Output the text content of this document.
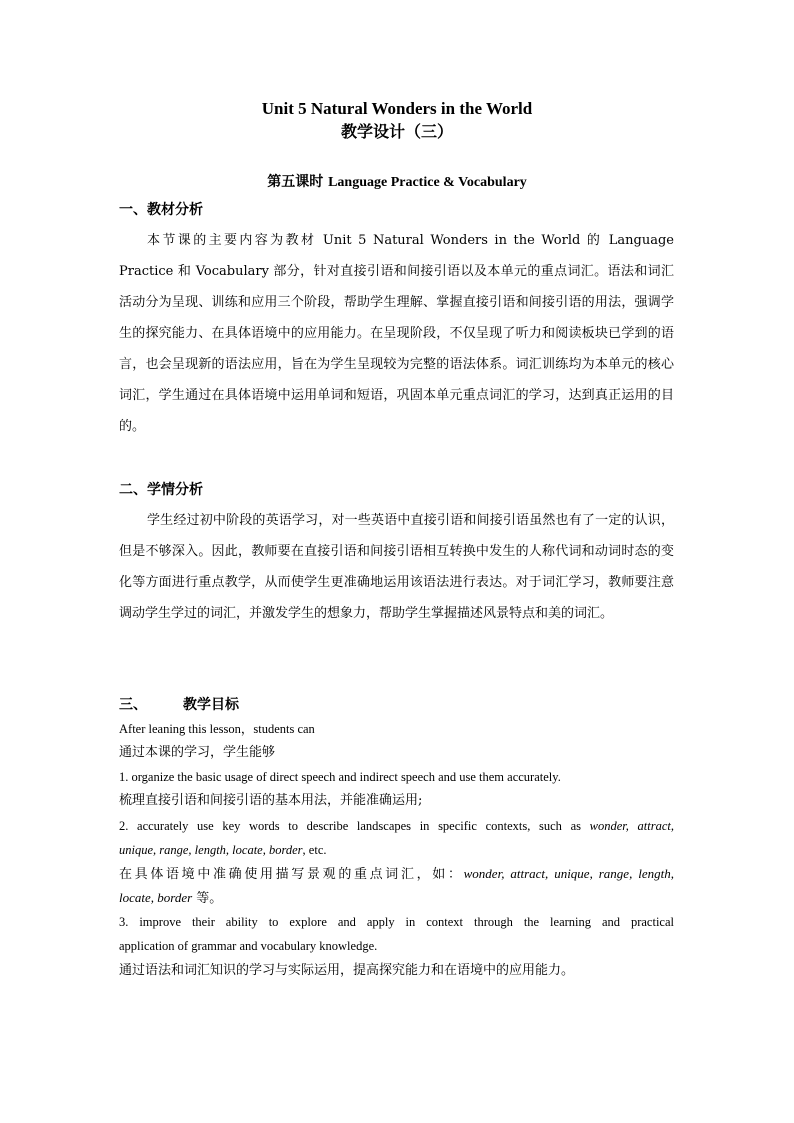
Unit 5 Natural Wonders in the World
教学设计（三）
第五课时 Language Practice & Vocabulary
一、教材分析
本节课的主要内容为教材 Unit 5 Natural Wonders in the World 的 Language Practice 和 Vocabulary 部分，针对直接引语和间接引语以及本单元的重点词汇。语法和词汇活动分为呈现、训练和应用三个阶段，帮助学生理解、掌握直接引语和间接引语的用法，强调学生的探究能力、在具体语境中的应用能力。在呈现阶段，不仅呈现了听力和阅读板块已学到的语言，也会呈现新的语法应用，旨在为学生呈现较为完整的语法体系。词汇训练均为本单元的核心词汇，学生通过在具体语境中运用单词和短语，巩固本单元重点词汇的学习，达到真正运用的目的。
二、学情分析
学生经过初中阶段的英语学习，对一些英语中直接引语和间接引语虽然也有了一定的认识，但是不够深入。因此，教师要在直接引语和间接引语相互转换中发生的人称代词和动词时态的变化等方面进行重点教学，从而使学生更准确地运用该语法进行表达。对于词汇学习，教师要注意调动学生学过的词汇，并激发学生的想象力，帮助学生掌握描述风景特点和美的词汇。
三、	教学目标
After leaning this lesson，students can
通过本课的学习，学生能够
1. organize the basic usage of direct speech and indirect speech and use them accurately.
梳理直接引语和间接引语的基本用法，并能准确运用;
2. accurately use key words to describe landscapes in specific contexts, such as wonder, attract,
unique, range, length, locate, border, etc.
在具体语境中准确使用描写景观的重点词汇，如：wonder, attract, unique, range, length,
locate, border 等。
3. improve their ability to explore and apply in context through the learning and practical
application of grammar and vocabulary knowledge.
通过语法和词汇知识的学习与实际运用，提高探究能力和在语境中的应用能力。
